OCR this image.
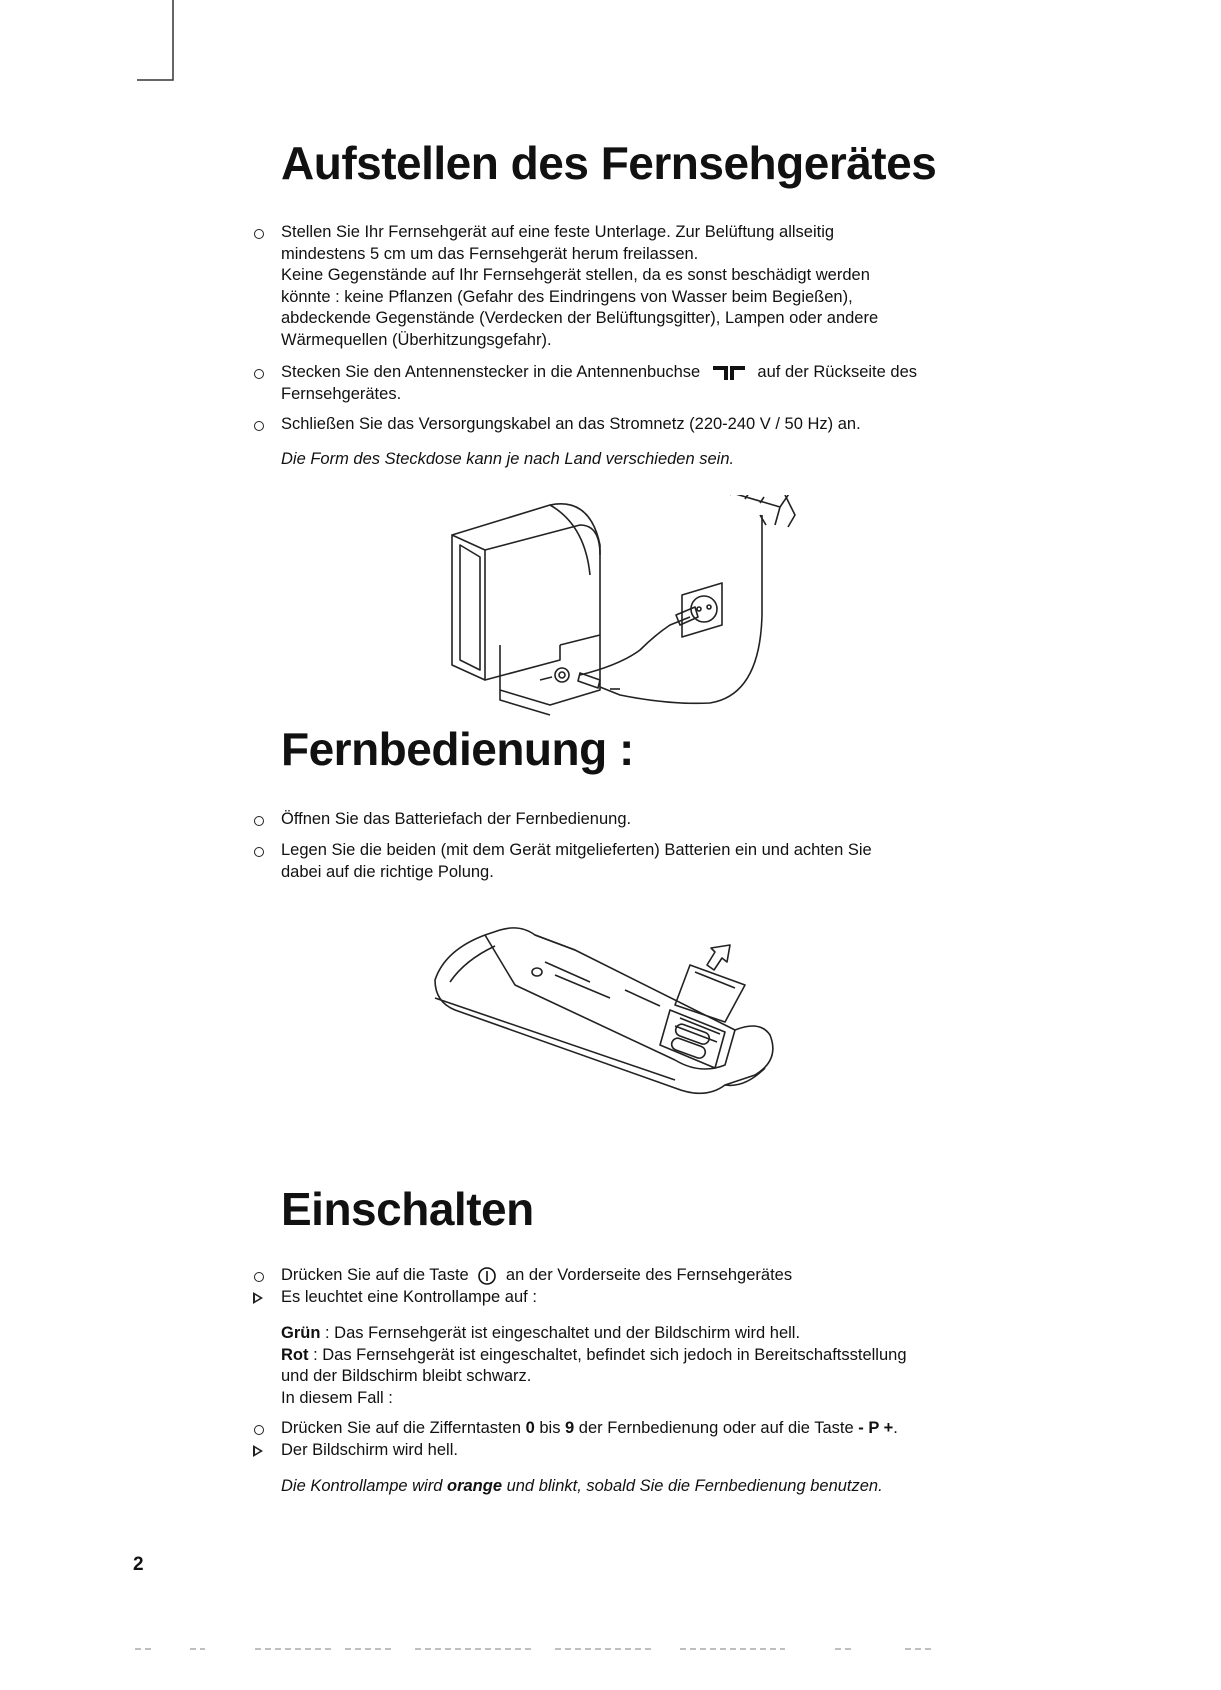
Aufstellen des Fernsehgerätes
Stellen Sie Ihr Fernsehgerät auf eine feste Unterlage. Zur Belüftung allseitig
mindestens 5 cm um das Fernsehgerät herum freilassen.
Keine Gegenstände auf Ihr Fernsehgerät stellen, da es sonst beschädigt werden
könnte : keine Pflanzen (Gefahr des Eindringens von Wasser beim Begießen),
abdeckende Gegenstände (Verdecken der Belüftungsgitter), Lampen oder andere
Wärmequellen (Überhitzungsgefahr).
Stecken Sie den Antennenstecker in die Antennenbuchse	auf der Rückseite des
Fernsehgerätes.
Schließen Sie das Versorgungskabel an das Stromnetz (220-240 V / 50 Hz) an.
Die Form des Steckdose kann je nach Land verschieden sein.
Fernbedienung :
Öffnen Sie das Batteriefach der Fernbedienung.
Legen Sie die beiden (mit dem Gerät mitgelieferten) Batterien ein und achten Sie
dabei auf die richtige Polung.
Einschalten
Drücken Sie auf die Taste an der Vorderseite des Fernsehgerätes
Es leuchtet eine Kontrollampe auf :
Grün : Das Fernsehgerät ist eingeschaltet und der Bildschirm wird hell.
Rot : Das Fernsehgerät ist eingeschaltet, befindet sich jedoch in Bereitschaftsstellung
und der Bildschirm bleibt schwarz.
In diesem Fall :
Drücken Sie auf die Zifferntasten 0 bis 9 der Fernbedienung oder auf die Taste - P +.
Der Bildschirm wird hell.
Die Kontrollampe wird orange und blinkt, sobald Sie die Fernbedienung benutzen.
2
